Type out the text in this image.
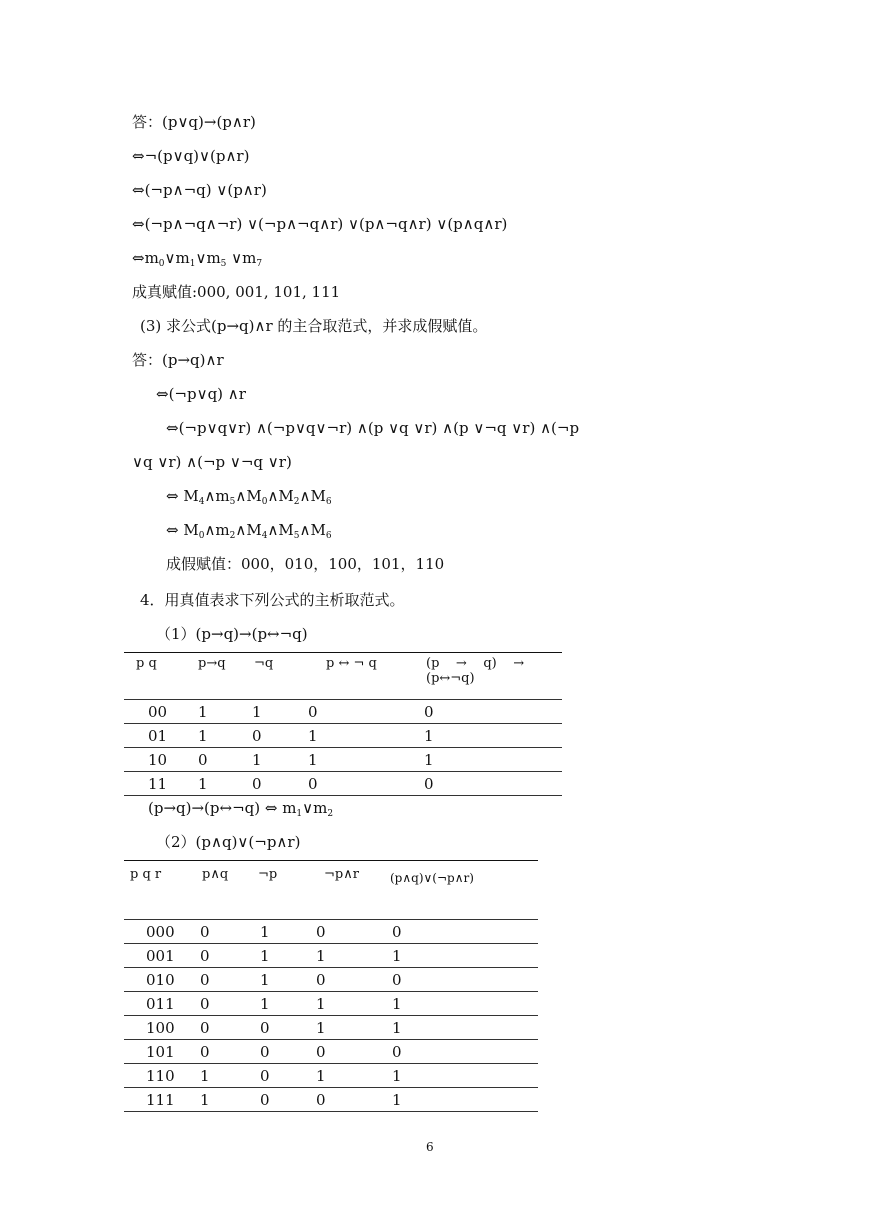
答：(p∨q)→(p∧r)
⇔¬(p∨q)∨(p∧r)
⇔(¬p∧¬q) ∨(p∧r)
⇔(¬p∧¬q∧¬r) ∨(¬p∧¬q∧r) ∨(p∧¬q∧r) ∨(p∧q∧r)
$\Leftrightarrow m_0\vee m_1\vee m_5$ $\vee m_7$
成真赋值:000, 001, 101, 111
(3) 求公式(p→q)∧r 的主合取范式，并求成假赋值。
答：(p→q)∧r
⇔(¬p∨q) ∧r
⇔(¬p∨q∨r) ∧(¬p∨q∨¬r) ∧(p ∨q ∨r) ∧(p ∨¬q ∨r) ∧(¬p
∨q ∨r) ∧(¬p ∨¬q ∨r)
⇔ $M_4\wedge m_5\wedge M_0\wedge M_2\wedge M_6$
⇔ $M_0\wedge m_2\wedge M_4\wedge M_5\wedge M_6$
成假赋值：000，010，100，101，110
4．用真值表求下列公式的主析取范式。
（1）(p→q)→(p↔¬q)
p q	p→q	¬q	p ↔ ¬ q	(p    →    q)    →
(p↔¬q)
00	1	1	0	0
01	1	0	1	1
10	0	1	1	1
11	1	0	0	0
(p→q)→(p↔¬q) ⇔ $m_1\vee m_2$
（2）(p∧q)∨(¬p∧r)
p q r	p∧q	¬p	¬p∧r	(p∧q)∨(¬p∧r)
000	0	1	0	0
001	0	1	1	1
010	0	1	0	0
011	0	1	1	1
100	0	0	1	1
101	0	0	0	0
110	1	0	1	1
111	1	0	0	1
6
